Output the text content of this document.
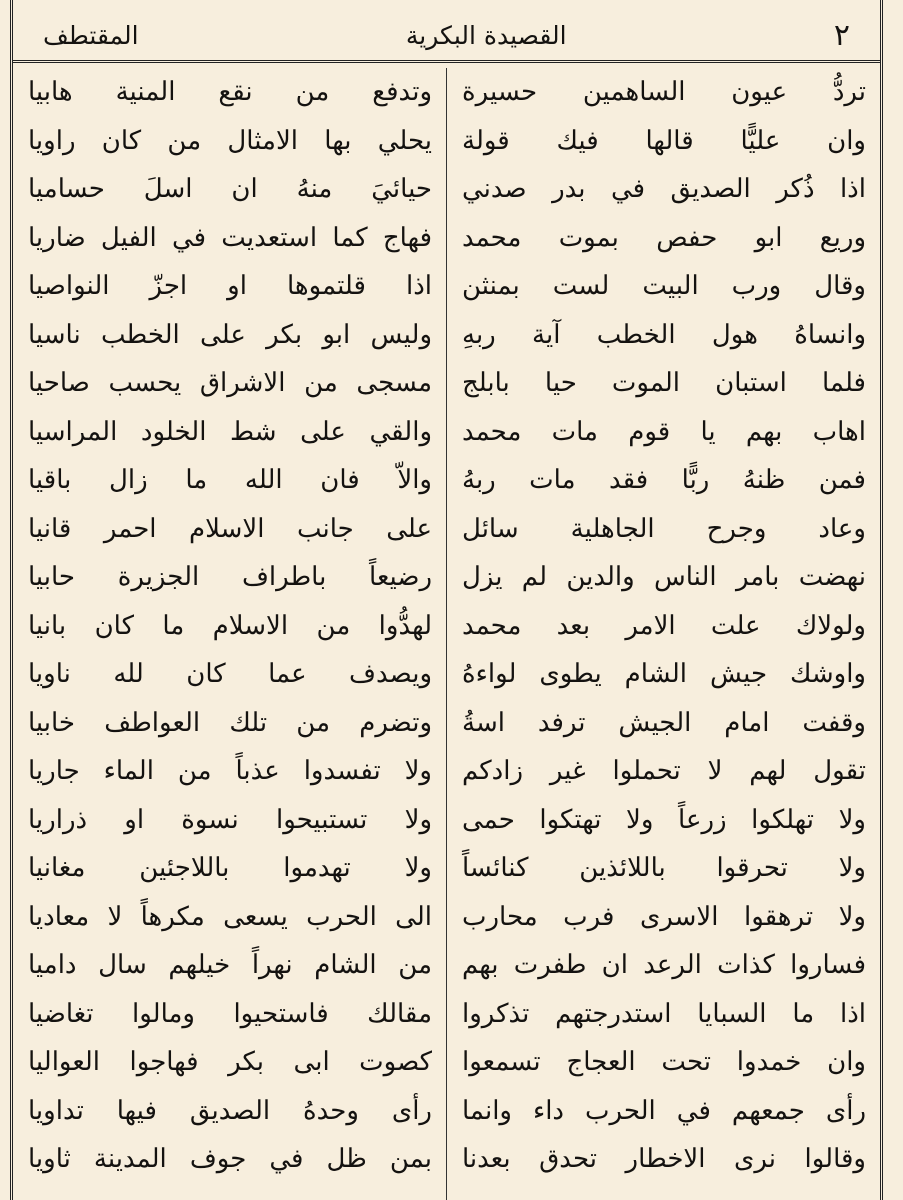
٢
القصيدة البكرية
المقتطف
تردُّ عيون الساهمين حسيرة
وان عليًّا قالها فيك قولة
اذا ذُكر الصديق في بدر صدني
وريع ابو حفص بموت محمد
وقال ورب البيت لست بمنثن
وانساهُ هول الخطب آية ربهِ
فلما استبان الموت حيا بابلج
اهاب بهم يا قوم مات محمد
فمن ظنهُ ربًّا فقد مات ربهُ
وعاد وجرح الجاهلية سائل
نهضت بامر الناس والدين لم يزل
ولولاك علت الامر بعد محمد
واوشك جيش الشام يطوى لواءهُ
وقفت امام الجيش ترفد اسةُ
تقول لهم لا تحملوا غير زادكم
ولا تهلكوا زرعاً ولا تهتكوا حمى
ولا تحرقوا باللائذين كنائساً
ولا ترهقوا الاسرى فرب محارب
فساروا كذات الرعد ان طفرت بهم
اذا ما السبايا استدرجتهم تذكروا
وان خمدوا تحت العجاج تسمعوا
رأى جمعهم في الحرب داء وانما
وقالوا نرى الاخطار تحدق بعدنا
وتدفع من نقع المنية هابيا
يحلي بها الامثال من كان راويا
حيائيَ منهُ ان اسلَ حساميا
فهاج كما استعديت في الفيل ضاريا
اذا قلتموها او اجزّ النواصيا
وليس ابو بكر على الخطب ناسيا
مسجى من الاشراق يحسب صاحيا
والقي على شط الخلود المراسيا
والاّ فان الله ما زال باقيا
على جانب الاسلام احمر قانيا
رضيعاً باطراف الجزيرة حابيا
لهدُّوا من الاسلام ما كان بانيا
ويصدف عما كان لله ناويا
وتضرم من تلك العواطف خابيا
ولا تفسدوا عذباً من الماء جاريا
ولا تستبيحوا نسوة او ذراريا
ولا تهدموا باللاجئين مغانيا
الى الحرب يسعى مكرهاً لا معاديا
من الشام نهراً خيلهم سال داميا
مقالك فاستحيوا ومالوا تغاضيا
كصوت ابى بكر فهاجوا العواليا
رأى وحدهُ الصديق فيها تداويا
بمن ظل في جوف المدينة ثاويا
